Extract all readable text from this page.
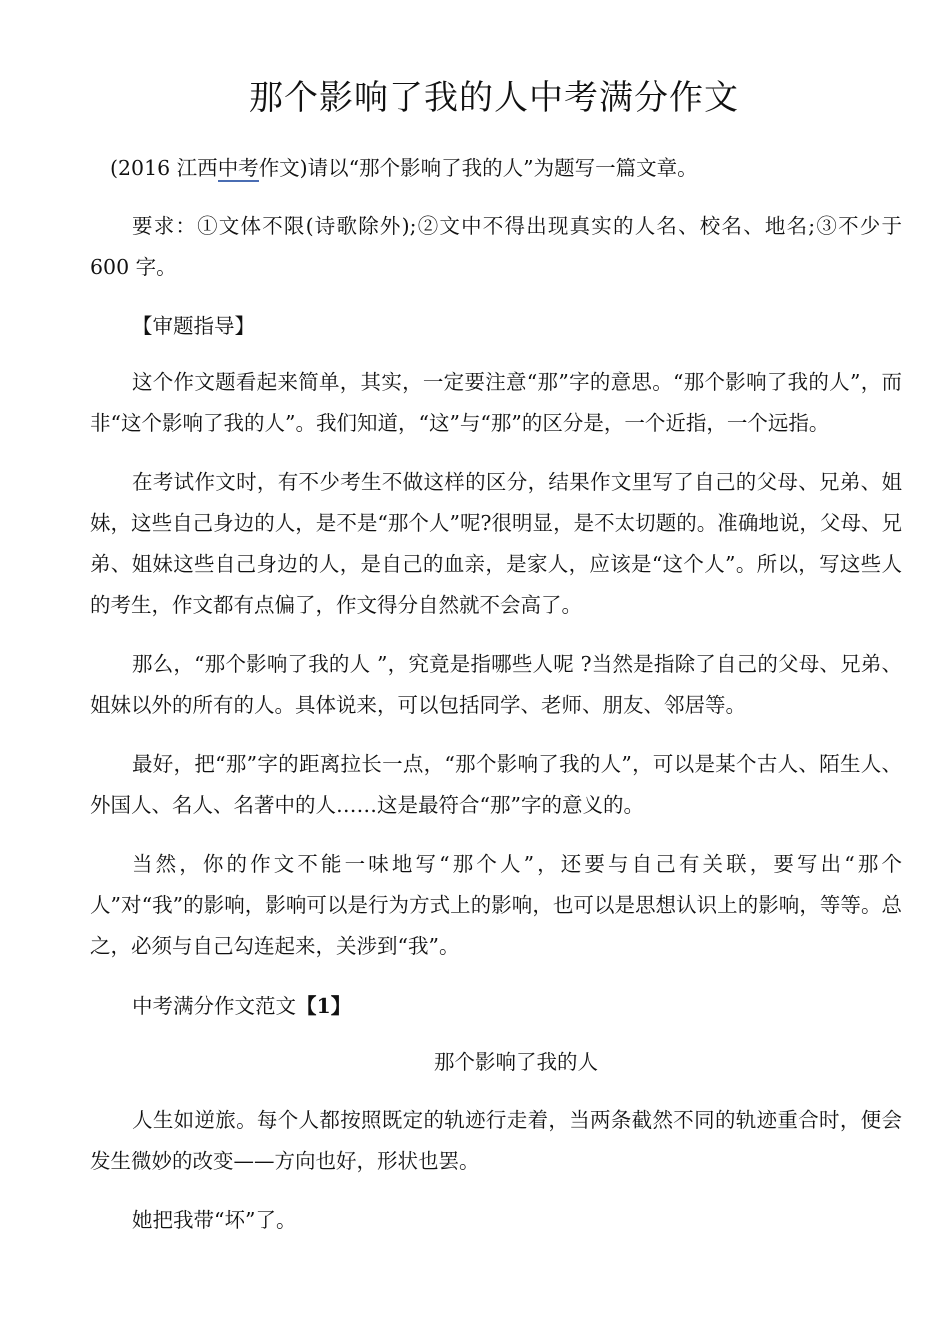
那个影响了我的人中考满分作文

(2016 江西中考作文)请以“那个影响了我的人”为题写一篇文章。

要求：①文体不限(诗歌除外);②文中不得出现真实的人名、校名、地名;③不少于 600 字。

【审题指导】

这个作文题看起来简单，其实，一定要注意“那”字的意思。“那个影响了我的人”，而非“这个影响了我的人”。我们知道，“这”与“那”的区分是，一个近指，一个远指。

在考试作文时，有不少考生不做这样的区分，结果作文里写了自己的父母、兄弟、姐妹，这些自己身边的人，是不是“那个人”呢?很明显，是不太切题的。准确地说，父母、兄弟、姐妹这些自己身边的人，是自己的血亲，是家人，应该是“这个人”。所以，写这些人的考生，作文都有点偏了，作文得分自然就不会高了。

那么，“那个影响了我的人 ”，究竟是指哪些人呢 ?当然是指除了自己的父母、兄弟、姐妹以外的所有的人。具体说来，可以包括同学、老师、朋友、邻居等。

最好，把“那”字的距离拉长一点，“那个影响了我的人”，可以是某个古人、陌生人、外国人、名人、名著中的人……这是最符合“那”字的意义的。

当然，你的作文不能一味地写“那个人”，还要与自己有关联，要写出“那个人”对“我”的影响，影响可以是行为方式上的影响，也可以是思想认识上的影响，等等。总之，必须与自己勾连起来，关涉到“我”。

中考满分作文范文【1】

那个影响了我的人

人生如逆旅。每个人都按照既定的轨迹行走着，当两条截然不同的轨迹重合时，便会发生微妙的改变——方向也好，形状也罢。

她把我带“坏”了。
